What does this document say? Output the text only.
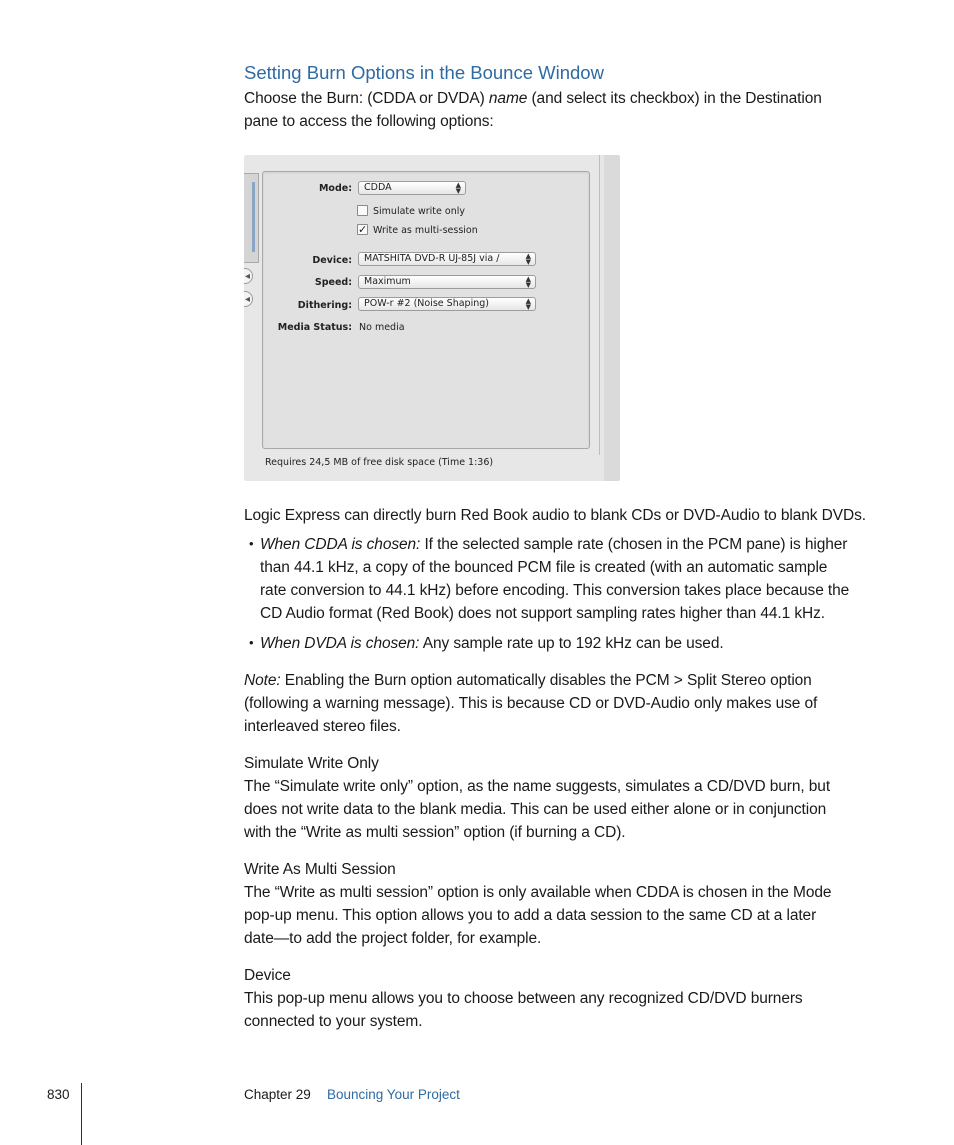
Setting Burn Options in the Bounce Window
Choose the Burn: (CDDA or DVDA) name (and select its checkbox) in the Destination
pane to access the following options:
◂
◂
Mode:	CDDA	▲
▼
Simulate write only
✓ Write as multi-session
Device:	MATSHITA DVD-R UJ-85J via /	▲
▼
Speed:	Maximum	▲
▼
Dithering:	POW-r #2 (Noise Shaping)	▲
▼
Media Status: No media
Requires 24,5 MB of free disk space (Time 1:36)
Logic Express can directly burn Red Book audio to blank CDs or DVD-Audio to blank DVDs.
• When CDDA is chosen: If the selected sample rate (chosen in the PCM pane) is higher
than 44.1 kHz, a copy of the bounced PCM file is created (with an automatic sample
rate conversion to 44.1 kHz) before encoding. This conversion takes place because the
CD Audio format (Red Book) does not support sampling rates higher than 44.1 kHz.
• When DVDA is chosen: Any sample rate up to 192 kHz can be used.
Note: Enabling the Burn option automatically disables the PCM > Split Stereo option
(following a warning message). This is because CD or DVD-Audio only makes use of
interleaved stereo files.
Simulate Write Only
The “Simulate write only” option, as the name suggests, simulates a CD/DVD burn, but
does not write data to the blank media. This can be used either alone or in conjunction
with the “Write as multi session” option (if burning a CD).
Write As Multi Session
The “Write as multi session” option is only available when CDDA is chosen in the Mode
pop-up menu. This option allows you to add a data session to the same CD at a later
date—to add the project folder, for example.
Device
This pop-up menu allows you to choose between any recognized CD/DVD burners
connected to your system.
830	Chapter 29 Bouncing Your Project
